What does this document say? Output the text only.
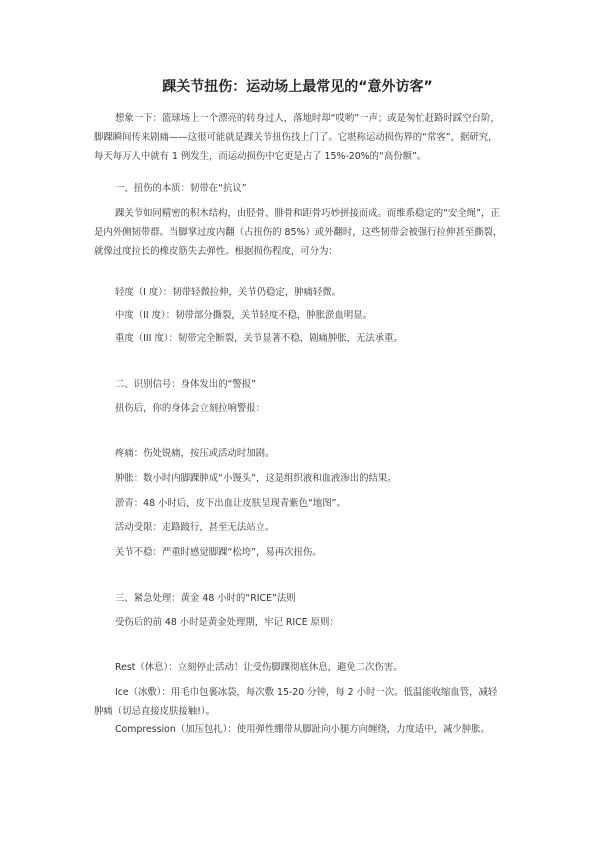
踝关节扭伤：运动场上最常见的“意外访客”

想象一下：篮球场上一个漂亮的转身过人，落地时却“哎哟”一声；或是匆忙赶路时踩空台阶，脚踝瞬间传来剧痛——这很可能就是踝关节扭伤找上门了。它堪称运动损伤界的“常客”，据研究，每天每万人中就有 1 例发生，而运动损伤中它更是占了 15%-20%的“高份额”。

一、扭伤的本质：韧带在“抗议”

踝关节如同精密的积木结构，由胫骨、腓骨和距骨巧妙拼接而成。而维系稳定的“安全绳”，正是内外侧韧带群。当脚掌过度内翻（占扭伤的 85%）或外翻时，这些韧带会被强行拉伸甚至撕裂，就像过度拉长的橡皮筋失去弹性。根据损伤程度，可分为：

轻度（I 度）：韧带轻微拉伸，关节仍稳定，肿痛轻微。

中度（II 度）：韧带部分撕裂，关节轻度不稳，肿胀淤血明显。

重度（III 度）：韧带完全断裂，关节显著不稳，剧痛肿胀，无法承重。

二、识别信号：身体发出的“警报”

扭伤后，你的身体会立刻拉响警报：

疼痛：伤处锐痛，按压或活动时加剧。

肿胀：数小时内脚踝肿成“小馒头”，这是组织液和血液渗出的结果。

淤青：48 小时后，皮下出血让皮肤呈现青紫色“地图”。

活动受限：走路跛行，甚至无法站立。

关节不稳：严重时感觉脚踝“松垮”，易再次扭伤。

三、紧急处理：黄金 48 小时的“RICE”法则

受伤后的前 48 小时是黄金处理期，牢记 RICE 原则：

Rest（休息）：立刻停止活动！让受伤脚踝彻底休息，避免二次伤害。

Ice（冰敷）：用毛巾包裹冰袋，每次敷 15-20 分钟，每 2 小时一次。低温能收缩血管，减轻肿痛（切忌直接皮肤接触!）。

Compression（加压包扎）：使用弹性绷带从脚趾向小腿方向缠绕，力度适中，减少肿胀。
